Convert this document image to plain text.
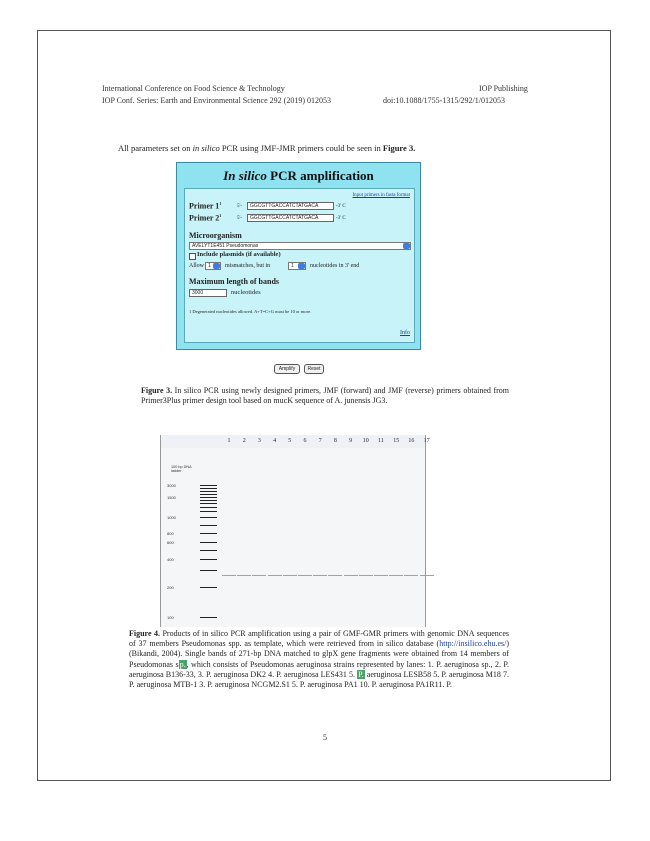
International Conference on Food Science & Technology
IOP Conf. Series: Earth and Environmental Science 292 (2019) 012053
IOP Publishing
doi:10.1088/1755-1315/292/1/012053
All parameters set on in silico PCR using JMF-JMR primers could be seen in Figure 3.
In silico PCR amplification
Input primers in fasta format
Primer $1^1$
5'-	GGCGTTGACCATCTATGACA	-3' C
Primer $2^1$
5'-	GGCGTTGACCATCTATGACA	-3' C
Microorganism
AVELYT1E451 Pseudomonas
Include plasmids (if available)
Allow 1	mismatches, but in	1	nucleotides in 3' end
Maximum length of bands
3000	nucleotides
1 Degenerated nucleotides allowed. A+T=C+G must be 10 or more.
Info
Amplify	Reset
Figure 3. In silico PCR using newly designed primers, JMF (forward) and JMF (reverse) primers obtained from Primer3Plus primer design tool based on mucK sequence of A. junensis JG3.
1	2	3	4	5	6	7	8	9	10	11	15	16	17
100 bp DNA ladder
3000
1500
1000
800
600
400
200
100
Figure 4. Products of in silico PCR amplification using a pair of GMF-GMR primers with genomic DNA sequences of 37 members Pseudomonas spp. as template, which were retrieved from in silico database (http://insilico.ehu.es/) (Bikandi, 2004). Single bands of 271-bp DNA matched to glpX gene fragments were obtained from 14 members of Pseudomonas sp., which consists of Pseudomonas aeruginosa strains represented by lanes: 1. P. aeruginosa sp., 2. P. aeruginosa B136-33, 3. P. aeruginosa DK2 4. P. aeruginosa LES431 5. P. aeruginosa LESB58 5. P. aeruginosa M18 7. P. aeruginosa MTB-1 3. P. aeruginosa NCGM2.S1 5. P. aeruginosa PA1 10. P. aeruginosa PA1R11. P.
5
